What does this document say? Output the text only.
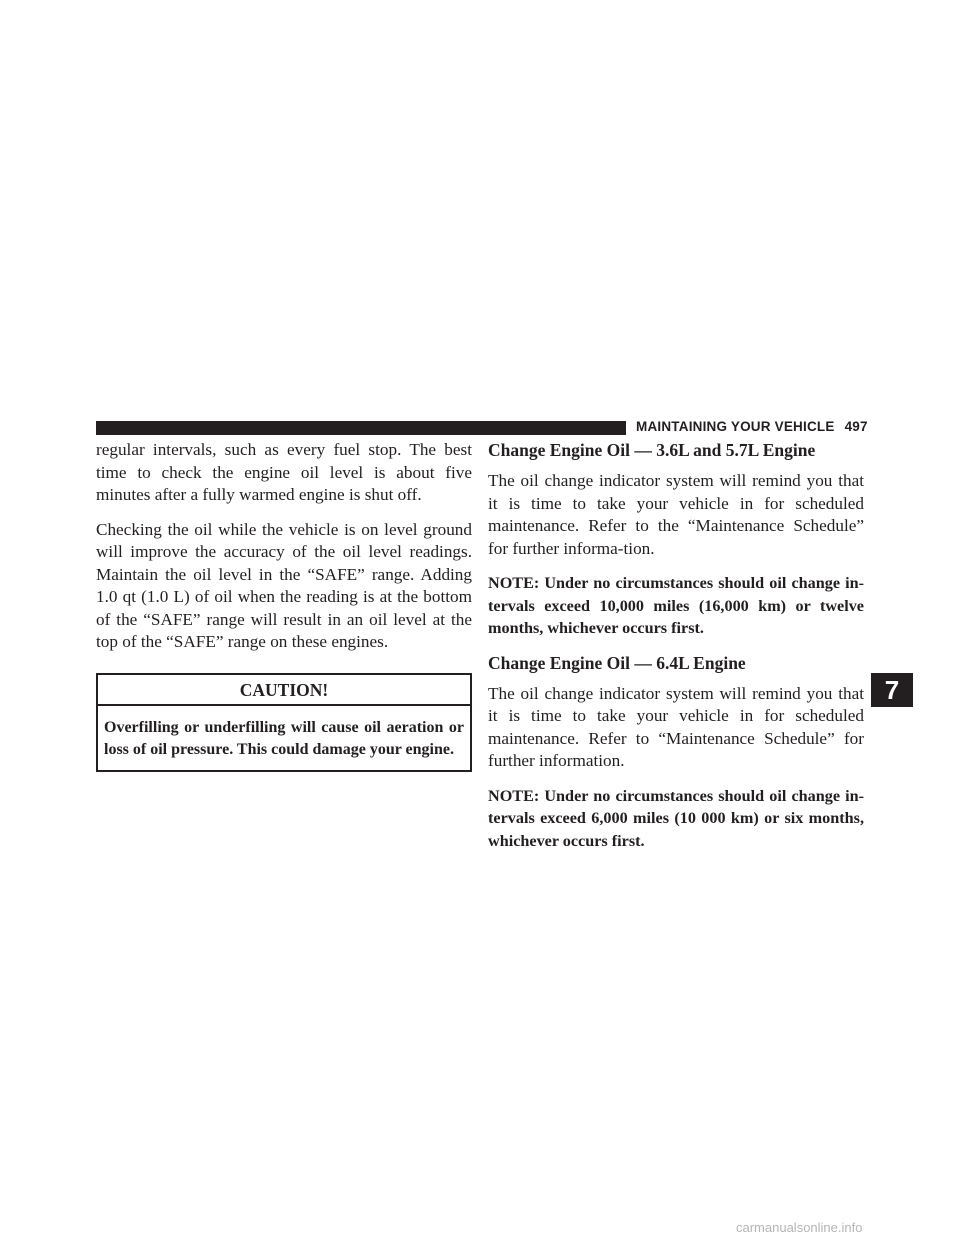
MAINTAINING YOUR VEHICLE 497

regular intervals, such as every fuel stop. The best time to check the engine oil level is about five minutes after a fully warmed engine is shut off.

Checking the oil while the vehicle is on level ground will improve the accuracy of the oil level readings. Maintain the oil level in the “SAFE” range. Adding 1.0 qt (1.0 L) of oil when the reading is at the bottom of the “SAFE” range will result in an oil level at the top of the “SAFE” range on these engines.

CAUTION!
Overfilling or underfilling will cause oil aeration or loss of oil pressure. This could damage your engine.
Change Engine Oil — 3.6L and 5.7L Engine

The oil change indicator system will remind you that it is time to take your vehicle in for scheduled maintenance. Refer to the “Maintenance Schedule” for further informa-tion.

NOTE: Under no circumstances should oil change in-tervals exceed 10,000 miles (16,000 km) or twelve months, whichever occurs first.

Change Engine Oil — 6.4L Engine

The oil change indicator system will remind you that it is time to take your vehicle in for scheduled maintenance. Refer to “Maintenance Schedule” for further information.

NOTE: Under no circumstances should oil change in-tervals exceed 6,000 miles (10 000 km) or six months, whichever occurs first.

7
carmanualsonline.info
